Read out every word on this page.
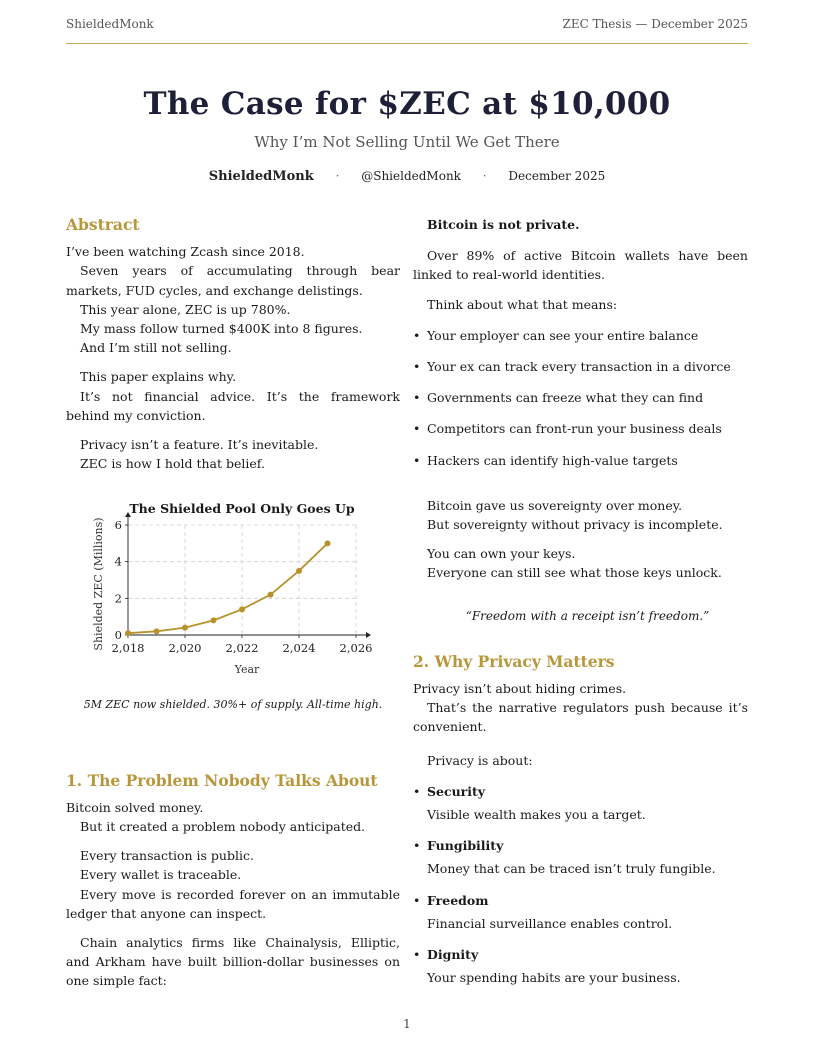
ShieldedMonk	ZEC Thesis — December 2025
The Case for $ZEC at $10,000
Why I’m Not Selling Until We Get There
ShieldedMonk · @ShieldedMonk · December 2025
Abstract

I’ve been watching Zcash since 2018.

Seven years of accumulating through bear markets, FUD cycles, and exchange delistings.

This year alone, ZEC is up 780%.

My mass follow turned $400K into 8 figures.

And I’m still not selling.

This paper explains why.

It’s not financial advice. It’s the framework behind my conviction.

Privacy isn’t a feature. It’s inevitable.

ZEC is how I hold that belief.

The Shielded Pool Only Goes Up
2,018 2,020 2,022 2,024 2,026
0
2
4
6
Year
Shielded ZEC (Millions)

5M ZEC now shielded. 30%+ of supply. All-time high.

1. The Problem Nobody Talks About

Bitcoin solved money.

But it created a problem nobody anticipated.

Every transaction is public.

Every wallet is traceable.

Every move is recorded forever on an immutable ledger that anyone can inspect.

Chain analytics firms like Chainalysis, Elliptic, and Arkham have built billion-dollar businesses on one simple fact:

Bitcoin is not private.

Over 89% of active Bitcoin wallets have been linked to real-world identities.

Think about what that means:

• Your employer can see your entire balance
• Your ex can track every transaction in a divorce
• Governments can freeze what they can find
• Competitors can front-run your business deals
• Hackers can identify high-value targets

Bitcoin gave us sovereignty over money.

But sovereignty without privacy is incomplete.

You can own your keys.

Everyone can still see what those keys unlock.

“Freedom with a receipt isn’t freedom.”

2. Why Privacy Matters

Privacy isn’t about hiding crimes.

That’s the narrative regulators push because it’s convenient.

Privacy is about:

• Security
Visible wealth makes you a target.
• Fungibility
Money that can be traced isn’t truly fungible.
• Freedom
Financial surveillance enables control.
• Dignity
Your spending habits are your business.
1
